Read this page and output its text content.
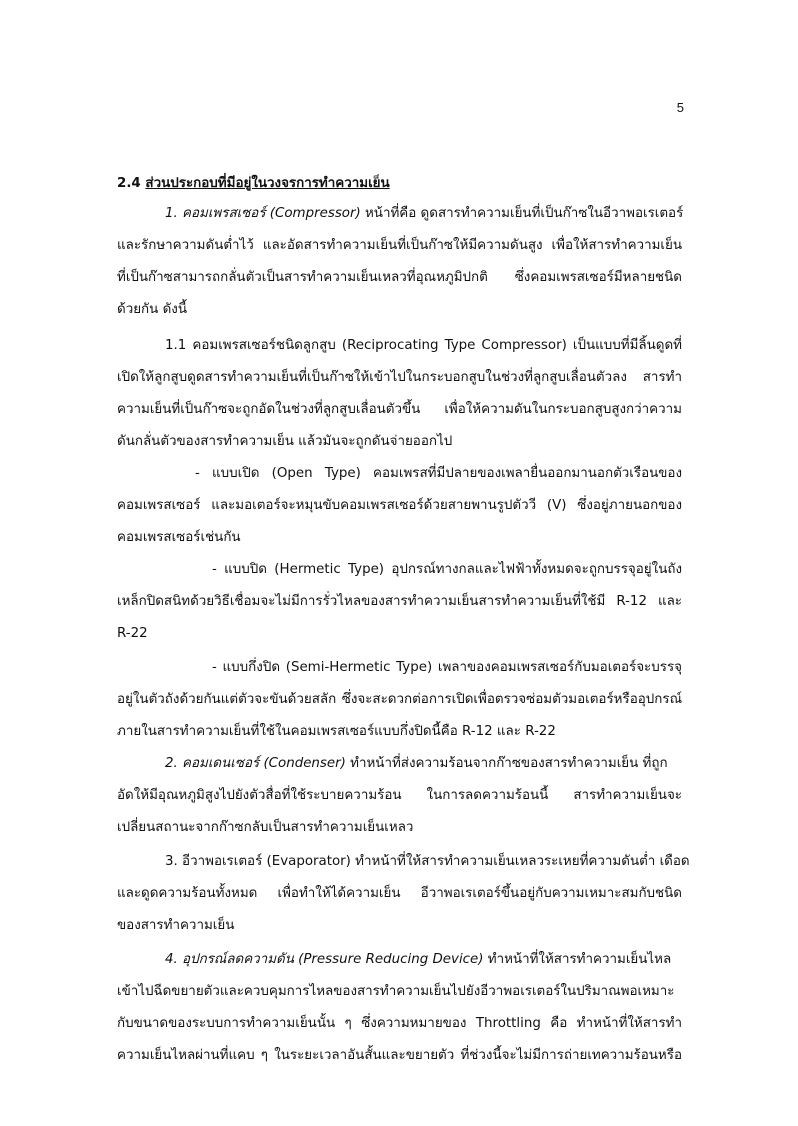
5
2.4 ส่วนประกอบที่มีอยู่ในวงจรการทำความเย็น
1. คอมเพรสเซอร์ (Compressor) หน้าที่คือ ดูดสารทำความเย็นที่เป็นก๊าซในอีวาพอเรเตอร์
และรักษาความดันต่ำไว้ และอัดสารทำความเย็นที่เป็นก๊าซให้มีความดันสูง เพื่อให้สารทำความเย็น
ที่เป็นก๊าซสามารถกลั่นตัวเป็นสารทำความเย็นเหลวที่อุณหภูมิปกติ ซึ่งคอมเพรสเซอร์มีหลายชนิด
ด้วยกัน ดังนี้
1.1 คอมเพรสเซอร์ชนิดลูกสูบ (Reciprocating Type Compressor) เป็นแบบที่มีลิ้นดูดที่
เปิดให้ลูกสูบดูดสารทำความเย็นที่เป็นก๊าซให้เข้าไปในกระบอกสูบในช่วงที่ลูกสูบเลื่อนตัวลง สารทำ
ความเย็นที่เป็นก๊าซจะถูกอัดในช่วงที่ลูกสูบเลื่อนตัวขึ้น เพื่อให้ความดันในกระบอกสูบสูงกว่าความ
ดันกลั่นตัวของสารทำความเย็น แล้วมันจะถูกดันจ่ายออกไป
- แบบเปิด (Open Type) คอมเพรสที่มีปลายของเพลายื่นออกมานอกตัวเรือนของ
คอมเพรสเซอร์ และมอเตอร์จะหมุนขับคอมเพรสเซอร์ด้วยสายพานรูปตัววี (V) ซึ่งอยู่ภายนอกของ
คอมเพรสเซอร์เช่นกัน
- แบบปิด (Hermetic Type) อุปกรณ์ทางกลและไฟฟ้าทั้งหมดจะถูกบรรจุอยู่ในถัง
เหล็กปิดสนิทด้วยวิธีเชื่อมจะไม่มีการรั่วไหลของสารทำความเย็นสารทำความเย็นที่ใช้มี R-12 และ
R-22
- แบบกึ่งปิด (Semi-Hermetic Type) เพลาของคอมเพรสเซอร์กับมอเตอร์จะบรรจุ
อยู่ในตัวถังด้วยกันแต่ตัวจะขันด้วยสลัก ซึ่งจะสะดวกต่อการเปิดเพื่อตรวจซ่อมตัวมอเตอร์หรืออุปกรณ์
ภายในสารทำความเย็นที่ใช้ในคอมเพรสเซอร์แบบกึ่งปิดนี้คือ R-12 และ R-22
2. คอมเดนเซอร์ (Condenser) ทำหน้าที่ส่งความร้อนจากก๊าซของสารทำความเย็น ที่ถูก
อัดให้มีอุณหภูมิสูงไปยังตัวสื่อที่ใช้ระบายความร้อน ในการลดความร้อนนี้ สารทำความเย็นจะ
เปลี่ยนสถานะจากก๊าซกลับเป็นสารทำความเย็นเหลว
3. อีวาพอเรเตอร์ (Evaporator) ทำหน้าที่ให้สารทำความเย็นเหลวระเหยที่ความดันต่ำ เดือด
และดูดความร้อนทั้งหมด เพื่อทำให้ได้ความเย็น อีวาพอเรเตอร์ขึ้นอยู่กับความเหมาะสมกับชนิด
ของสารทำความเย็น
4. อุปกรณ์ลดความดัน (Pressure Reducing Device) ทำหน้าที่ให้สารทำความเย็นไหล
เข้าไปฉีดขยายตัวและควบคุมการไหลของสารทำความเย็นไปยังอีวาพอเรเตอร์ในปริมาณพอเหมาะ
กับขนาดของระบบการทำความเย็นนั้น ๆ ซึ่งความหมายของ Throttling คือ ทำหน้าที่ให้สารทำ
ความเย็นไหลผ่านที่แคบ ๆ ในระยะเวลาอันสั้นและขยายตัว ที่ช่วงนี้จะไม่มีการถ่ายเทความร้อนหรือ
